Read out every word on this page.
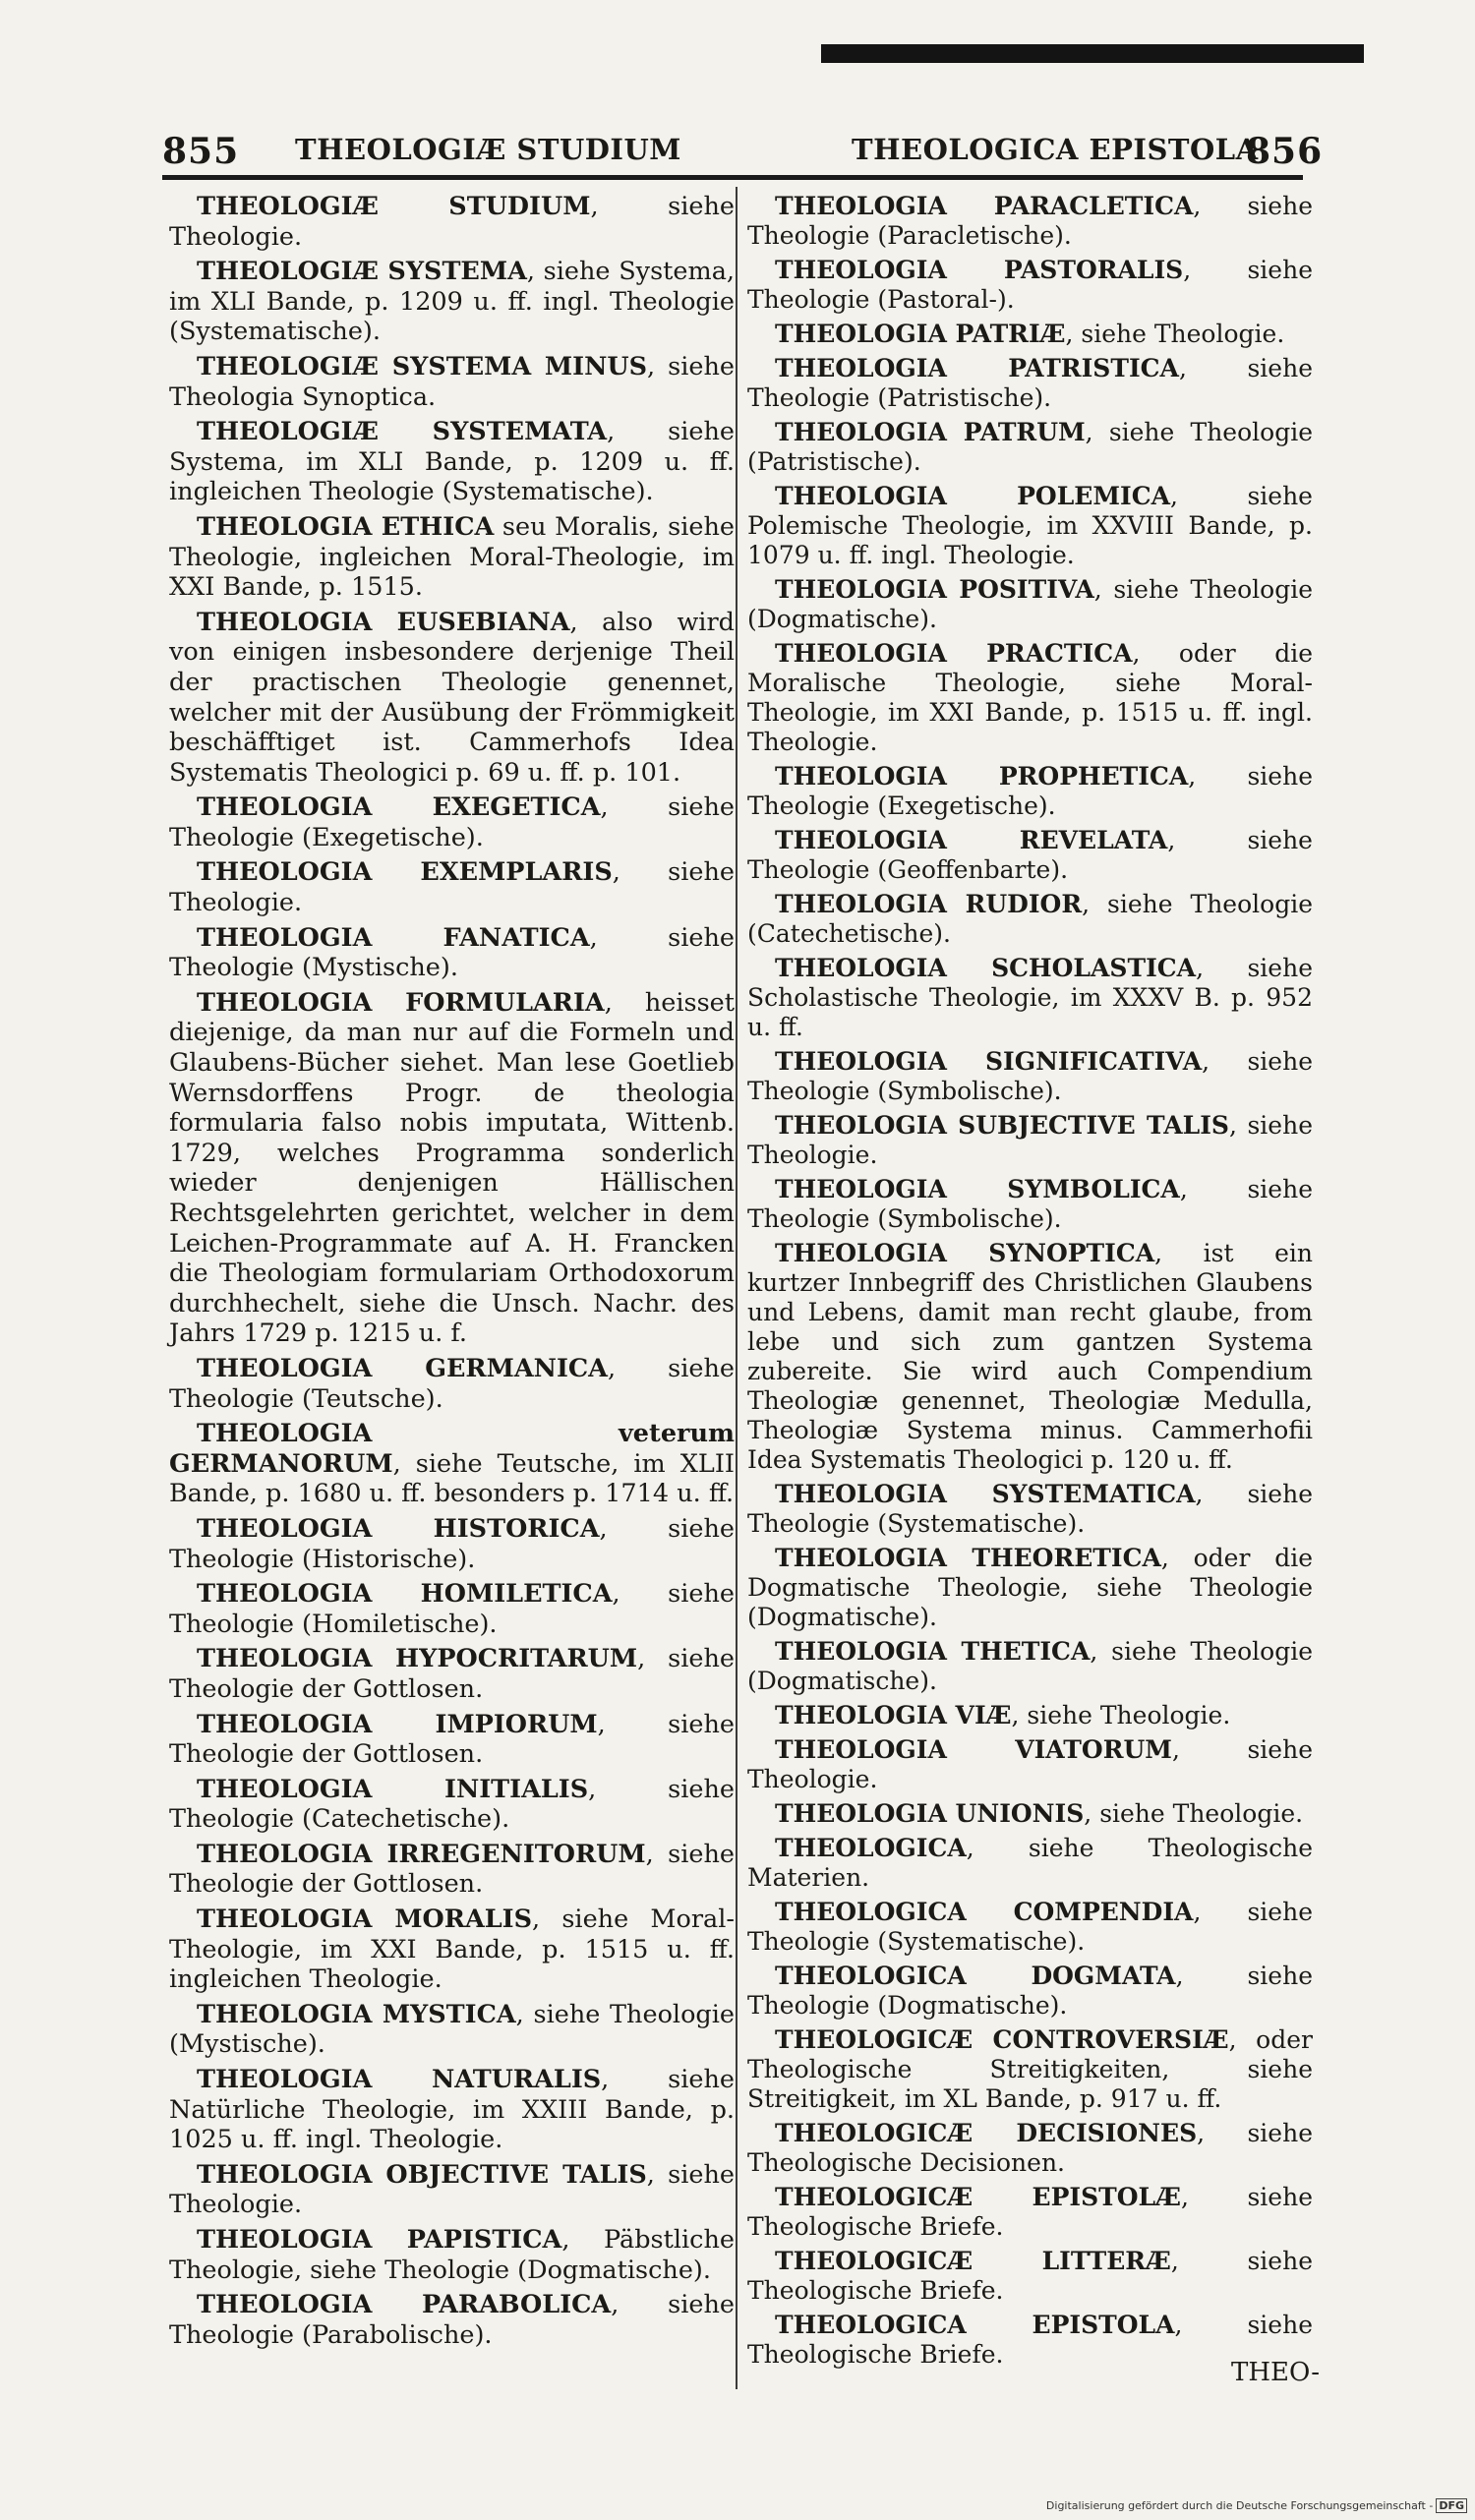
855 THEOLOGIÆ STUDIUM	THEOLOGICA EPISTOLA
856

THEOLOGIÆ STUDIUM, siehe Theologie.

THEOLOGIÆ SYSTEMA, siehe Systema, im XLI Bande, p. 1209 u. ff. ingl. Theologie (Systematische).

THEOLOGIÆ SYSTEMA MINUS, siehe Theologia Synoptica.

THEOLOGIÆ SYSTEMATA, siehe Systema, im XLI Bande, p. 1209 u. ff. ingleichen Theologie (Systematische).

THEOLOGIA ETHICA seu Moralis, siehe Theologie, ingleichen Moral-Theologie, im XXI Bande, p. 1515.

THEOLOGIA EUSEBIANA, also wird von einigen insbesondere derjenige Theil der practischen Theologie genennet, welcher mit der Ausübung der Frömmigkeit beschäfftiget ist. Cammerhofs Idea Systematis Theologici p. 69 u. ff. p. 101.

THEOLOGIA EXEGETICA, siehe Theologie (Exegetische).

THEOLOGIA EXEMPLARIS, siehe Theologie.

THEOLOGIA FANATICA, siehe Theologie (Mystische).

THEOLOGIA FORMULARIA, heisset diejenige, da man nur auf die Formeln und Glaubens-Bücher siehet. Man lese Goetlieb Wernsdorffens Progr. de theologia formularia falso nobis imputata, Wittenb. 1729, welches Programma sonderlich wieder denjenigen Hällischen Rechtsgelehrten gerichtet, welcher in dem Leichen-Programmate auf A. H. Francken die Theologiam formulariam Orthodoxorum durchhechelt, siehe die Unsch. Nachr. des Jahrs 1729 p. 1215 u. f.

THEOLOGIA GERMANICA, siehe Theologie (Teutsche).

THEOLOGIA veterum GERMANORUM, siehe Teutsche, im XLII Bande, p. 1680 u. ff. besonders p. 1714 u. ff.

THEOLOGIA HISTORICA, siehe Theologie (Historische).

THEOLOGIA HOMILETICA, siehe Theologie (Homiletische).

THEOLOGIA HYPOCRITARUM, siehe Theologie der Gottlosen.

THEOLOGIA IMPIORUM, siehe Theologie der Gottlosen.

THEOLOGIA INITIALIS, siehe Theologie (Catechetische).

THEOLOGIA IRREGENITORUM, siehe Theologie der Gottlosen.

THEOLOGIA MORALIS, siehe Moral-Theologie, im XXI Bande, p. 1515 u. ff. ingleichen Theologie.

THEOLOGIA MYSTICA, siehe Theologie (Mystische).

THEOLOGIA NATURALIS, siehe Natürliche Theologie, im XXIII Bande, p. 1025 u. ff. ingl. Theologie.

THEOLOGIA OBJECTIVE TALIS, siehe Theologie.

THEOLOGIA PAPISTICA, Päbstliche Theologie, siehe Theologie (Dogmatische).

THEOLOGIA PARABOLICA, siehe Theologie (Parabolische).

THEOLOGIA PARACLETICA, siehe Theologie (Paracletische).

THEOLOGIA PASTORALIS, siehe Theologie (Pastoral-).

THEOLOGIA PATRIÆ, siehe Theologie.

THEOLOGIA PATRISTICA, siehe Theologie (Patristische).

THEOLOGIA PATRUM, siehe Theologie (Patristische).

THEOLOGIA POLEMICA, siehe Polemische Theologie, im XXVIII Bande, p. 1079 u. ff. ingl. Theologie.

THEOLOGIA POSITIVA, siehe Theologie (Dogmatische).

THEOLOGIA PRACTICA, oder die Moralische Theologie, siehe Moral-Theologie, im XXI Bande, p. 1515 u. ff. ingl. Theologie.

THEOLOGIA PROPHETICA, siehe Theologie (Exegetische).

THEOLOGIA REVELATA, siehe Theologie (Geoffenbarte).

THEOLOGIA RUDIOR, siehe Theologie (Catechetische).

THEOLOGIA SCHOLASTICA, siehe Scholastische Theologie, im XXXV B. p. 952 u. ff.

THEOLOGIA SIGNIFICATIVA, siehe Theologie (Symbolische).

THEOLOGIA SUBJECTIVE TALIS, siehe Theologie.

THEOLOGIA SYMBOLICA, siehe Theologie (Symbolische).

THEOLOGIA SYNOPTICA, ist ein kurtzer Innbegriff des Christlichen Glaubens und Lebens, damit man recht glaube, from lebe und sich zum gantzen Systema zubereite. Sie wird auch Compendium Theologiæ genennet, Theologiæ Medulla, Theologiæ Systema minus. Cammerhofii Idea Systematis Theologici p. 120 u. ff.

THEOLOGIA SYSTEMATICA, siehe Theologie (Systematische).

THEOLOGIA THEORETICA, oder die Dogmatische Theologie, siehe Theologie (Dogmatische).

THEOLOGIA THETICA, siehe Theologie (Dogmatische).

THEOLOGIA VIÆ, siehe Theologie.

THEOLOGIA VIATORUM, siehe Theologie.

THEOLOGIA UNIONIS, siehe Theologie.

THEOLOGICA, siehe Theologische Materien.

THEOLOGICA COMPENDIA, siehe Theologie (Systematische).

THEOLOGICA DOGMATA, siehe Theologie (Dogmatische).

THEOLOGICÆ CONTROVERSIÆ, oder Theologische Streitigkeiten, siehe Streitigkeit, im XL Bande, p. 917 u. ff.

THEOLOGICÆ DECISIONES, siehe Theologische Decisionen.

THEOLOGICÆ EPISTOLÆ, siehe Theologische Briefe.

THEOLOGICÆ LITTERÆ, siehe Theologische Briefe.

THEOLOGICA EPISTOLA, siehe Theologische Briefe.

THEO-
Digitalisierung gefördert durch die Deutsche Forschungsgemeinschaft - DFG
